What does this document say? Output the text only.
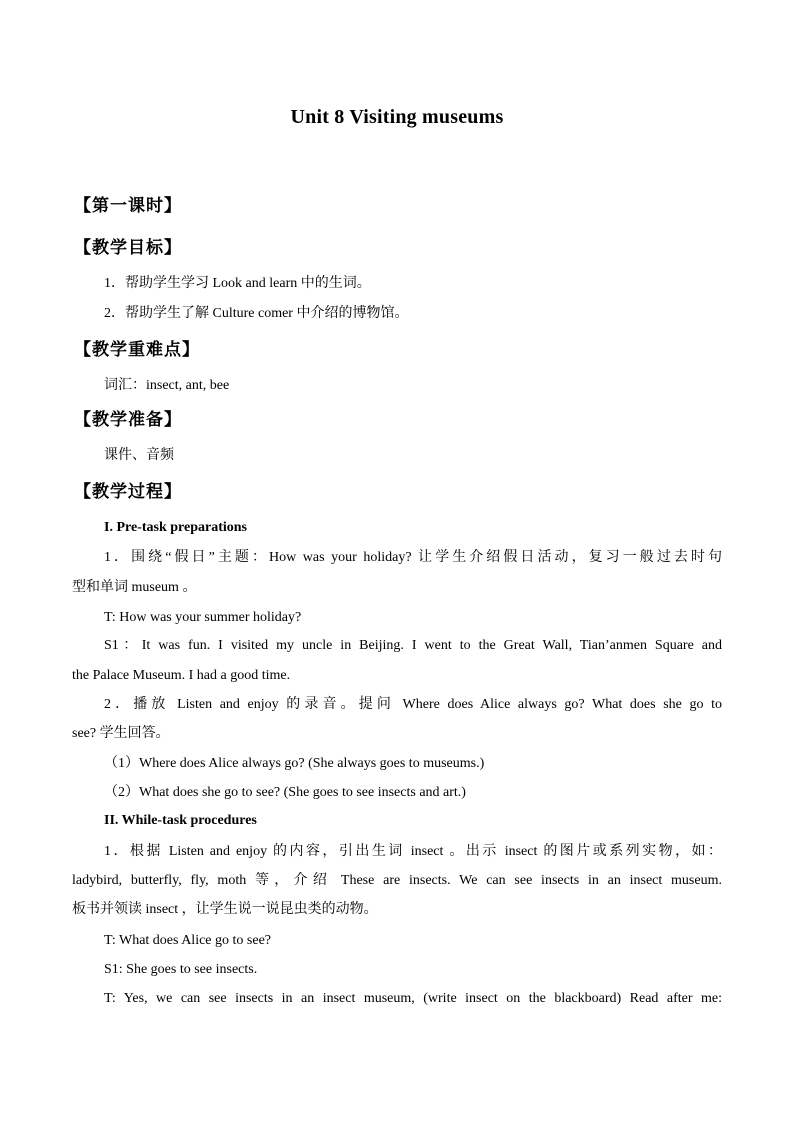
Unit 8 Visiting museums
【第一课时】
【教学目标】
1．帮助学生学习 Look and learn 中的生词。
2．帮助学生了解 Culture comer 中介绍的博物馆。
【教学重难点】
词汇：insect, ant, bee
【教学准备】
课件、音频
【教学过程】
I. Pre-task preparations
1．围绕“假日”主题：How was your holiday? 让学生介绍假日活动，复习一般过去时句
型和单词 museum 。
T: How was your summer holiday?
S1：It was fun. I visited my uncle in Beijing. I went to the Great Wall, Tian’anmen Square and
the Palace Museum. I had a good time.
2．播放 Listen and enjoy 的录音。提问 Where does Alice always go? What does she go to
see? 学生回答。
（1）Where does Alice always go? (She always goes to museums.)
（2）What does she go to see? (She goes to see insects and art.)
II. While-task procedures
1．根据 Listen and enjoy 的内容，引出生词 insect 。出示 insect 的图片或系列实物，如：
ladybird, butterfly, fly, moth 等，介绍 These are insects. We can see insects in an insect museum.
板书并领读 insect ，让学生说一说昆虫类的动物。
T: What does Alice go to see?
S1: She goes to see insects.
T: Yes, we can see insects in an insect museum, (write insect on the blackboard) Read after me:
